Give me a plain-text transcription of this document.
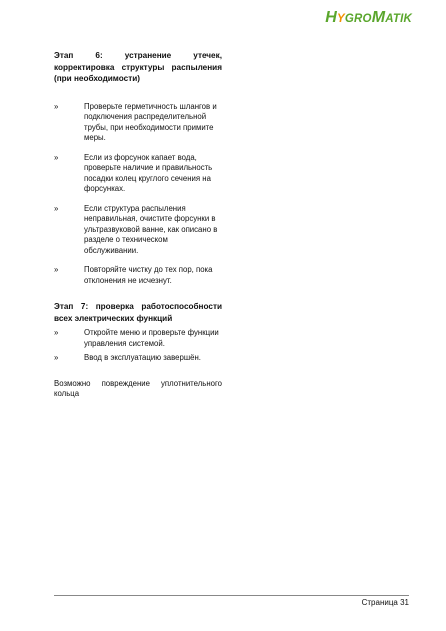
H Y GRO M ATIK

Этап 6: устранение утечек, корректировка структуры распыления (при необходимости)

»	Проверьте герметичность шлангов и подключения распределительной трубы, при необходимости примите меры.
»	Если из форсунок капает вода, проверьте наличие и правильность посадки колец круглого сечения на форсунках.
»	Если структура распыления неправильная, очистите форсунки в ультразвуковой ванне, как описано в разделе о техническом обслуживании.
»	Повторяйте чистку до тех пор, пока отклонения не исчезнут.

Этап 7: проверка работоспособности всех электрических функций

»	Откройте меню и проверьте функции управления системой.
»	Ввод в эксплуатацию завершён.

Возможно повреждение уплотнительного кольца

Страница 31
